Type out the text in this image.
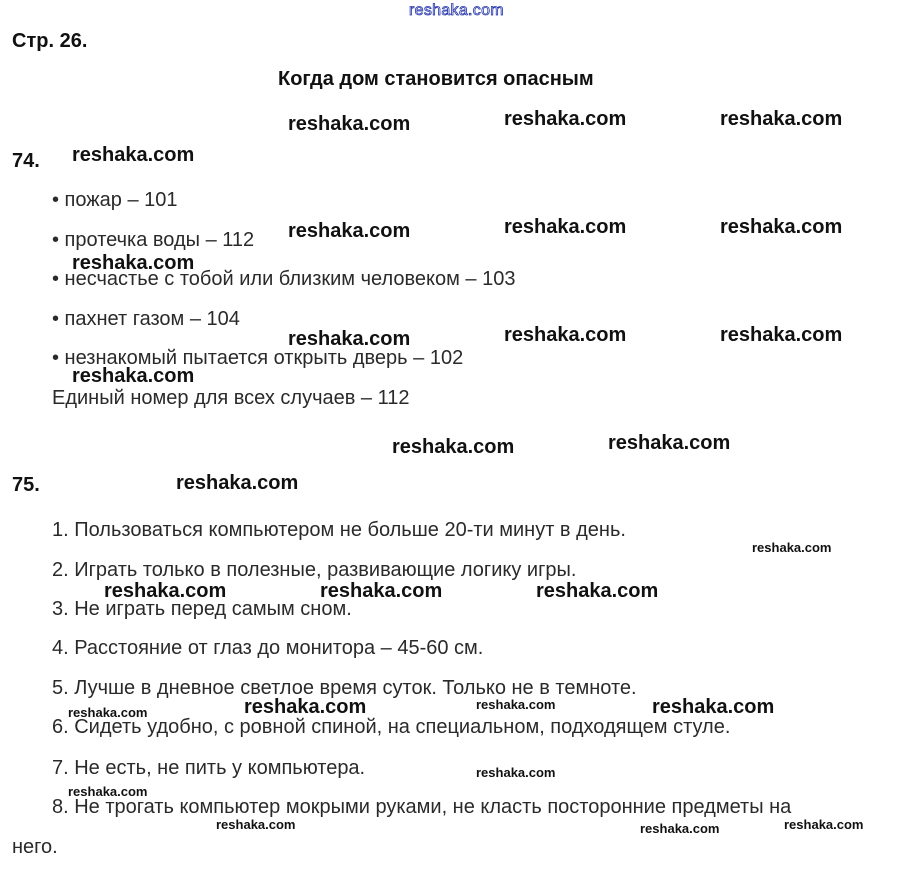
reshaka.com
Стр. 26.
Когда дом становится опасным
74.
• пожар – 101
• протечка воды – 112
• несчастье с тобой или близким человеком – 103
• пахнет газом – 104
• незнакомый пытается открыть дверь – 102
Единый номер для всех случаев – 112
75.
1. Пользоваться компьютером не больше 20-ти минут в день.
2. Играть только в полезные, развивающие логику игры.
3. Не играть перед самым сном.
4. Расстояние от глаз до монитора – 45-60 см.
5. Лучше в дневное светлое время суток. Только не в темноте.
6. Сидеть удобно, с ровной спиной, на специальном, подходящем стуле.
7. Не есть, не пить у компьютера.
8. Не трогать компьютер мокрыми руками, не класть посторонние предметы на
него.
reshaka.com	reshaka.com	reshaka.com
reshaka.com
reshaka.com	reshaka.com	reshaka.com
reshaka.com
reshaka.com	reshaka.com	reshaka.com
reshaka.com
reshaka.com	reshaka.com
reshaka.com
reshaka.com	reshaka.com	reshaka.com
reshaka.com	reshaka.com
reshaka.com
reshaka.com
reshaka.com
reshaka.com
reshaka.com
reshaka.com	reshaka.com	reshaka.com
